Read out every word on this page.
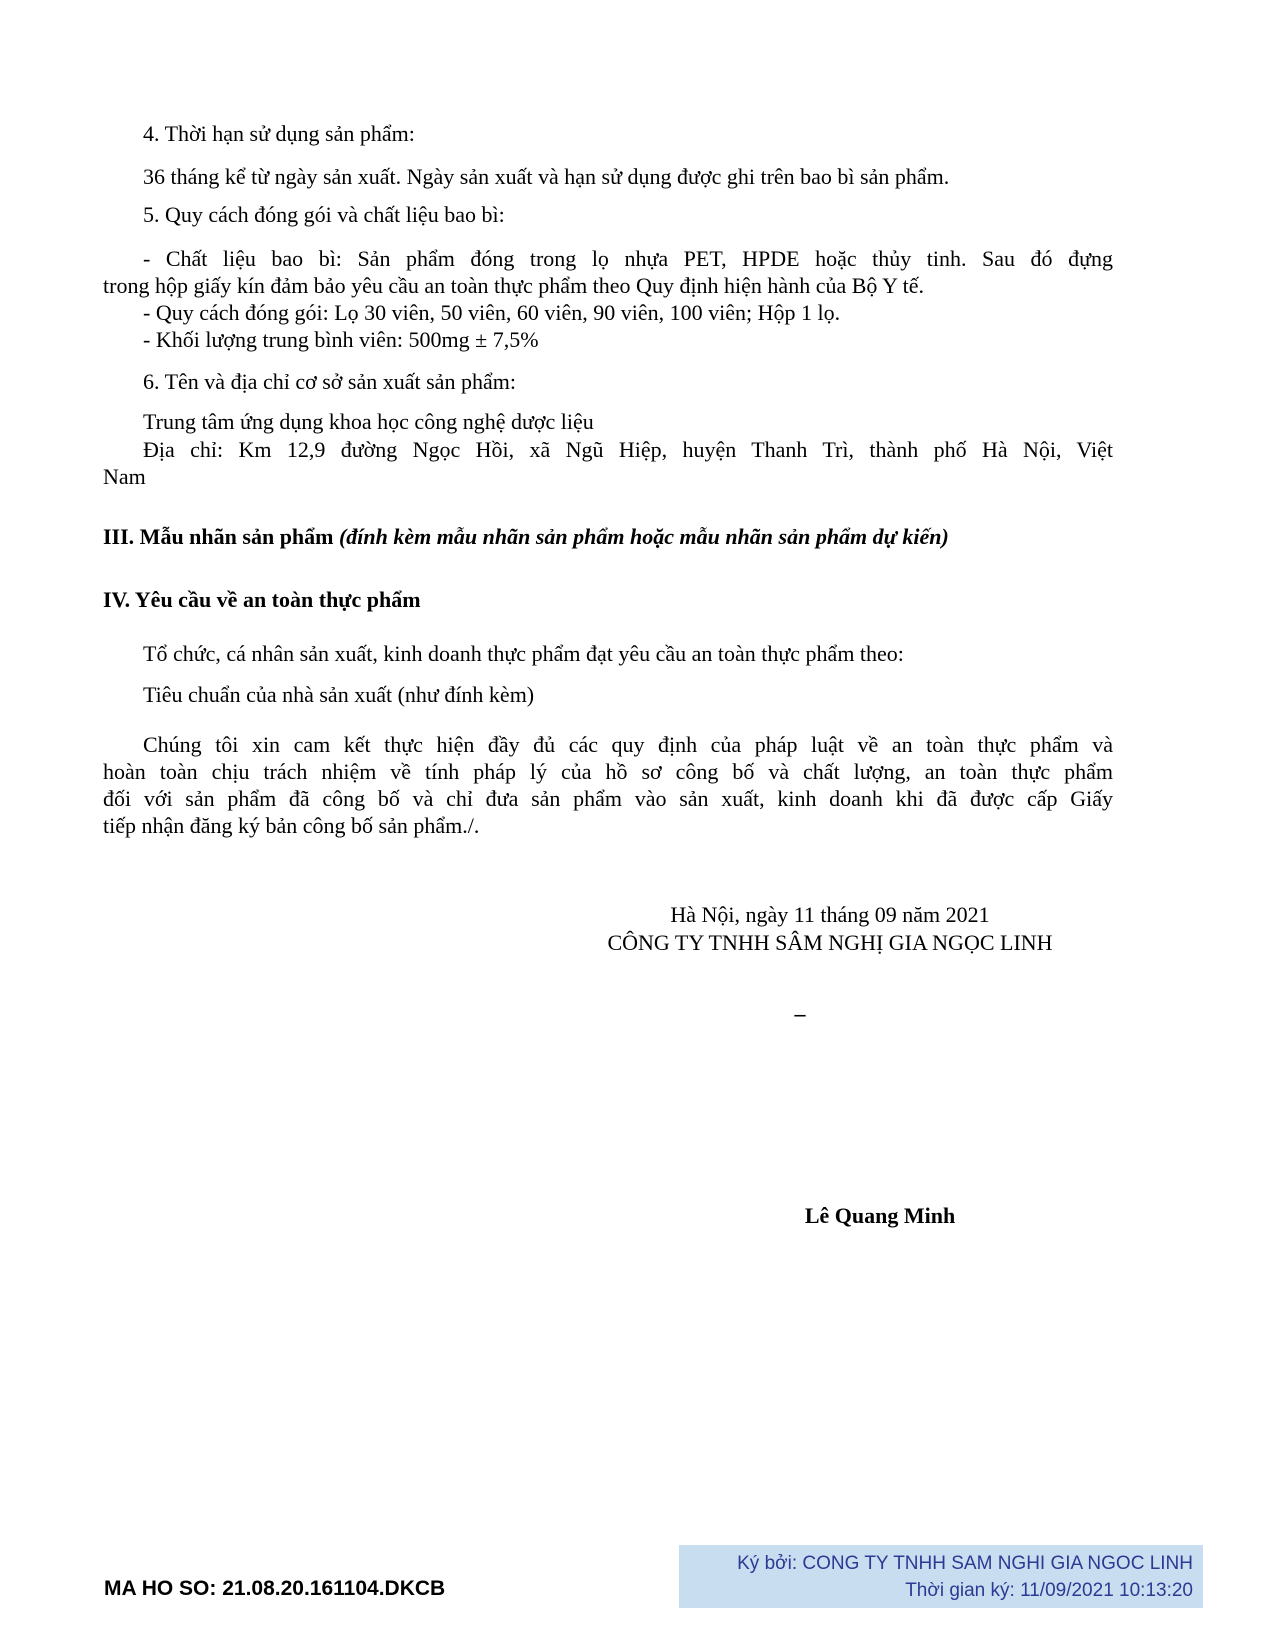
4. Thời hạn sử dụng sản phẩm:
36 tháng kể từ ngày sản xuất. Ngày sản xuất và hạn sử dụng được ghi trên bao bì sản phẩm.
5. Quy cách đóng gói và chất liệu bao bì:
- Chất liệu bao bì: Sản phẩm đóng trong lọ nhựa PET, HPDE hoặc thủy tinh. Sau đó đựng
trong hộp giấy kín đảm bảo yêu cầu an toàn thực phẩm theo Quy định hiện hành của Bộ Y tế.
- Quy cách đóng gói: Lọ 30 viên, 50 viên, 60 viên, 90 viên, 100 viên; Hộp 1 lọ.
- Khối lượng trung bình viên: 500mg ± 7,5%
6. Tên và địa chỉ cơ sở sản xuất sản phẩm:
Trung tâm ứng dụng khoa học công nghệ dược liệu
Địa chỉ: Km 12,9 đường Ngọc Hồi, xã Ngũ Hiệp, huyện Thanh Trì, thành phố Hà Nội, Việt
Nam
III. Mẫu nhãn sản phẩm (đính kèm mẫu nhãn sản phẩm hoặc mẫu nhãn sản phẩm dự kiến)
IV. Yêu cầu về an toàn thực phẩm
Tổ chức, cá nhân sản xuất, kinh doanh thực phẩm đạt yêu cầu an toàn thực phẩm theo:
Tiêu chuẩn của nhà sản xuất (như đính kèm)
Chúng tôi xin cam kết thực hiện đầy đủ các quy định của pháp luật về an toàn thực phẩm và
hoàn toàn chịu trách nhiệm về tính pháp lý của hồ sơ công bố và chất lượng, an toàn thực phẩm
đối với sản phẩm đã công bố và chỉ đưa sản phẩm vào sản xuất, kinh doanh khi đã được cấp Giấy
tiếp nhận đăng ký bản công bố sản phẩm./.
Hà Nội, ngày 11 tháng 09 năm 2021
CÔNG TY TNHH SÂM NGHỊ GIA NGỌC LINH
–
Lê Quang Minh
Ký bởi: CONG TY TNHH SAM NGHI GIA NGOC LINH
Thời gian ký: 11/09/2021 10:13:20
MA HO SO: 21.08.20.161104.DKCB
